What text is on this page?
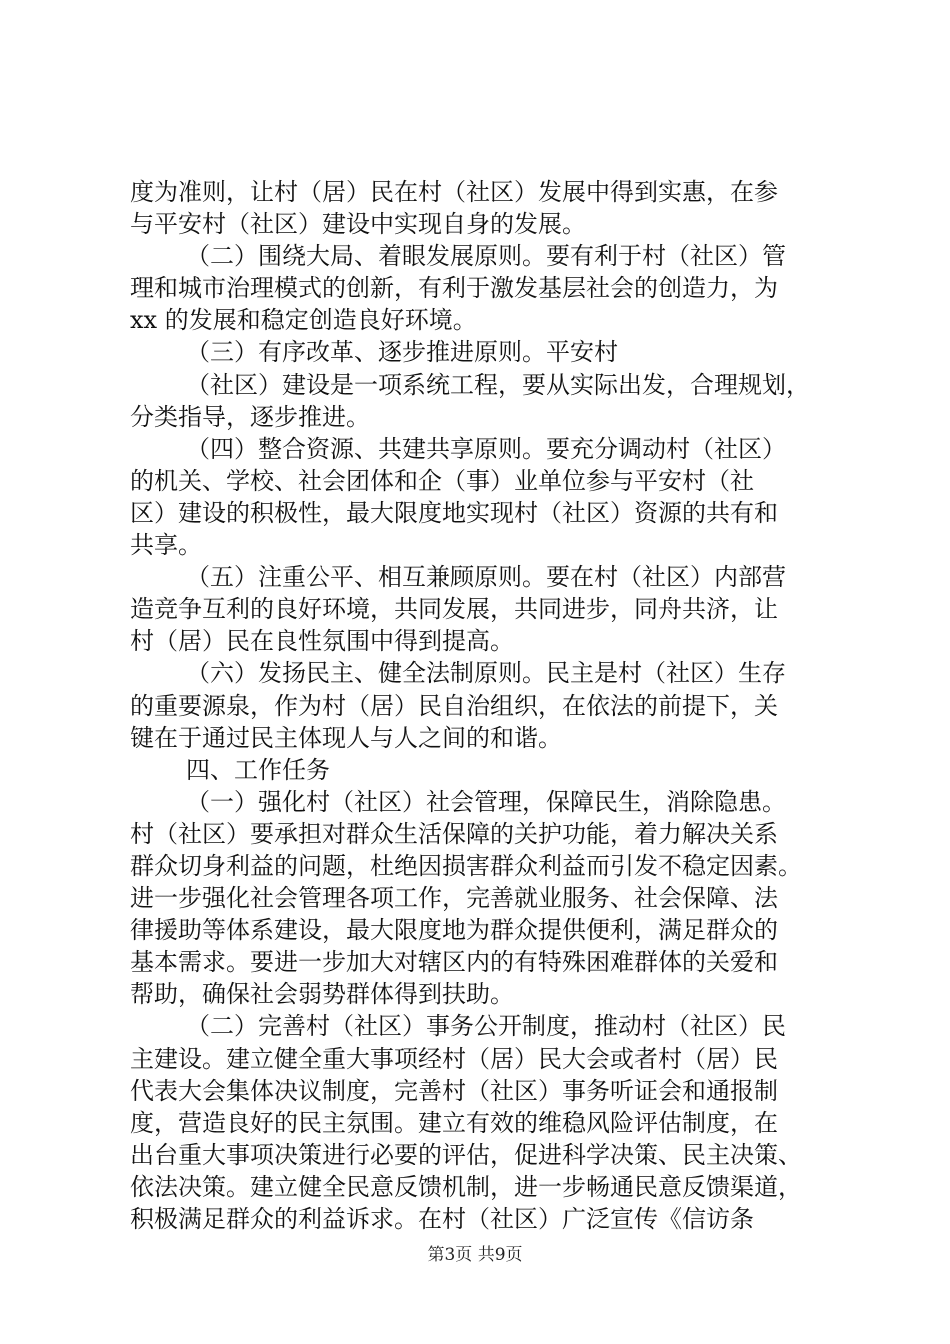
度为准则，让村（居）民在村（社区）发展中得到实惠，在参
与平安村（社区）建设中实现自身的发展。
（二）围绕大局、着眼发展原则。要有利于村（社区）管
理和城市治理模式的创新，有利于激发基层社会的创造力，为
xx 的发展和稳定创造良好环境。
（三）有序改革、逐步推进原则。平安村
（社区）建设是一项系统工程，要从实际出发，合理规划，
分类指导，逐步推进。
（四）整合资源、共建共享原则。要充分调动村（社区）
的机关、学校、社会团体和企（事）业单位参与平安村（社
区）建设的积极性，最大限度地实现村（社区）资源的共有和
共享。
（五）注重公平、相互兼顾原则。要在村（社区）内部营
造竞争互利的良好环境，共同发展，共同进步，同舟共济，让
村（居）民在良性氛围中得到提高。
（六）发扬民主、健全法制原则。民主是村（社区）生存
的重要源泉，作为村（居）民自治组织，在依法的前提下，关
键在于通过民主体现人与人之间的和谐。
四、工作任务
（一）强化村（社区）社会管理，保障民生，消除隐患。
村（社区）要承担对群众生活保障的关护功能，着力解决关系
群众切身利益的问题，杜绝因损害群众利益而引发不稳定因素。
进一步强化社会管理各项工作，完善就业服务、社会保障、法
律援助等体系建设，最大限度地为群众提供便利，满足群众的
基本需求。要进一步加大对辖区内的有特殊困难群体的关爱和
帮助，确保社会弱势群体得到扶助。
（二）完善村（社区）事务公开制度，推动村（社区）民
主建设。建立健全重大事项经村（居）民大会或者村（居）民
代表大会集体决议制度，完善村（社区）事务听证会和通报制
度，营造良好的民主氛围。建立有效的维稳风险评估制度，在
出台重大事项决策进行必要的评估，促进科学决策、民主决策、
依法决策。建立健全民意反馈机制，进一步畅通民意反馈渠道，
积极满足群众的利益诉求。在村（社区）广泛宣传《信访条
第3页 共9页
